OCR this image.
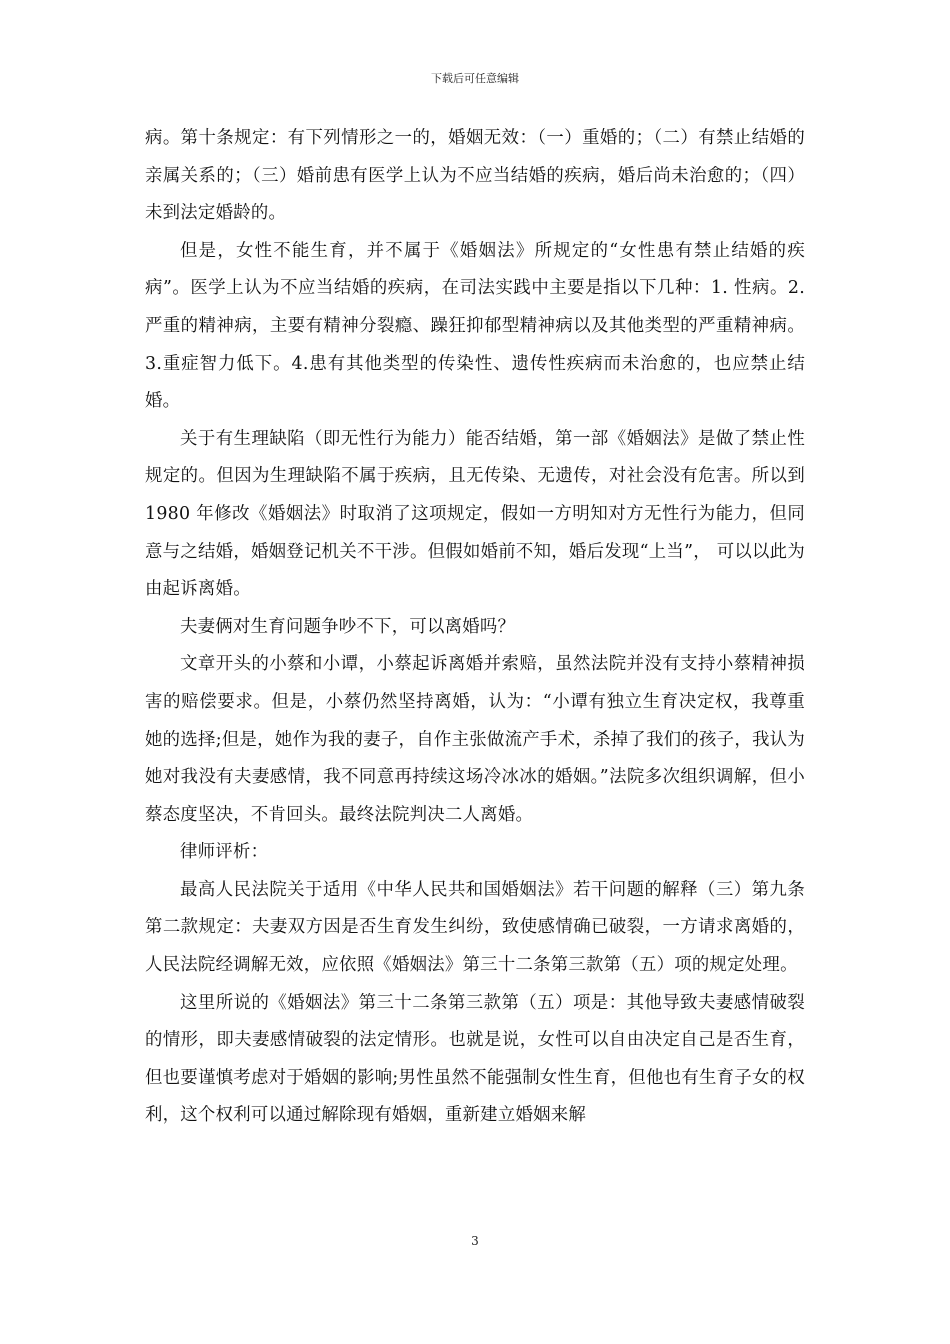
下载后可任意编辑

病。第十条规定：有下列情形之一的，婚姻无效：（一）重婚的；（二）有禁止结婚的亲属关系的；（三）婚前患有医学上认为不应当结婚的疾病，婚后尚未治愈的；（四）未到法定婚龄的。

但是，女性不能生育，并不属于《婚姻法》所规定的“女性患有禁止结婚的疾病”。医学上认为不应当结婚的疾病，在司法实践中主要是指以下几种：1. 性病。2.严重的精神病，主要有精神分裂瘾、躁狂抑郁型精神病以及其他类型的严重精神病。3.重症智力低下。4.患有其他类型的传染性、遗传性疾病而未治愈的，也应禁止结婚。

关于有生理缺陷（即无性行为能力）能否结婚，第一部《婚姻法》是做了禁止性规定的。但因为生理缺陷不属于疾病，且无传染、无遗传，对社会没有危害。所以到 1980 年修改《婚姻法》时取消了这项规定，假如一方明知对方无性行为能力，但同意与之结婚，婚姻登记机关不干涉。但假如婚前不知，婚后发现“上当”， 可以以此为由起诉离婚。

夫妻俩对生育问题争吵不下，可以离婚吗？

文章开头的小蔡和小谭，小蔡起诉离婚并索赔，虽然法院并没有支持小蔡精神损害的赔偿要求。但是，小蔡仍然坚持离婚，认为：“小谭有独立生育决定权，我尊重她的选择;但是，她作为我的妻子，自作主张做流产手术，杀掉了我们的孩子，我认为她对我没有夫妻感情，我不同意再持续这场冷冰冰的婚姻。”法院多次组织调解，但小蔡态度坚决，不肯回头。最终法院判决二人离婚。

律师评析：

最高人民法院关于适用《中华人民共和国婚姻法》若干问题的解释（三）第九条第二款规定：夫妻双方因是否生育发生纠纷，致使感情确已破裂，一方请求离婚的，人民法院经调解无效，应依照《婚姻法》第三十二条第三款第（五）项的规定处理。

这里所说的《婚姻法》第三十二条第三款第（五）项是：其他导致夫妻感情破裂的情形，即夫妻感情破裂的法定情形。也就是说，女性可以自由决定自己是否生育，但也要谨慎考虑对于婚姻的影响;男性虽然不能强制女性生育，但他也有生育子女的权利，这个权利可以通过解除现有婚姻，重新建立婚姻来解

3
